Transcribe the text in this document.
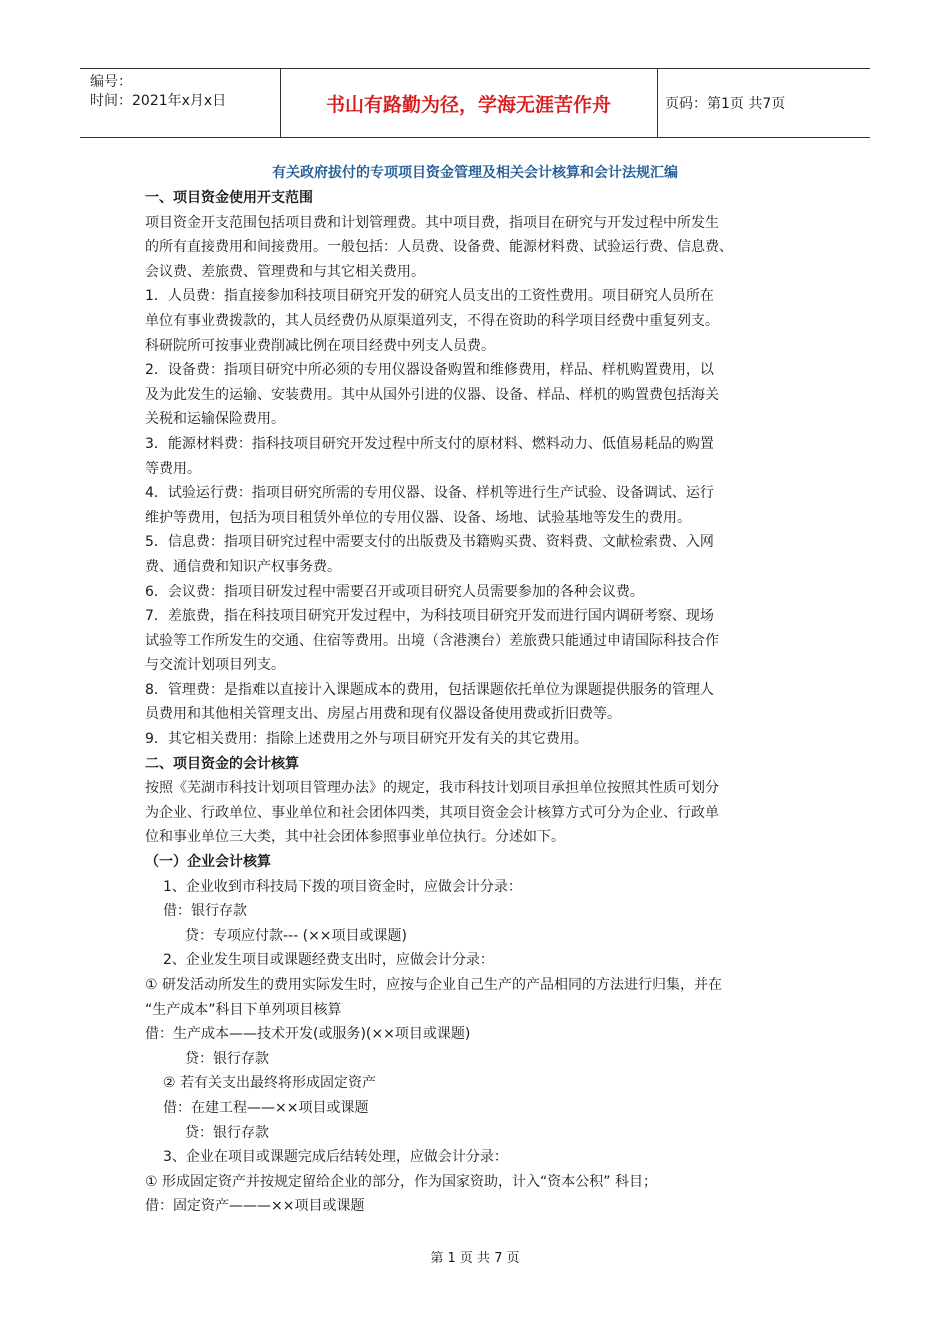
编号：
时间：2021年x月x日	书山有路勤为径，学海无涯苦作舟	页码：第1页 共7页
有关政府拔付的专项项目资金管理及相关会计核算和会计法规汇编

一、项目资金使用开支范围

项目资金开支范围包括项目费和计划管理费。其中项目费，指项目在研究与开发过程中所发生

的所有直接费用和间接费用。一般包括：人员费、设备费、能源材料费、试验运行费、信息费、

会议费、差旅费、管理费和与其它相关费用。

1．人员费：指直接参加科技项目研究开发的研究人员支出的工资性费用。项目研究人员所在

单位有事业费拨款的，其人员经费仍从原渠道列支，不得在资助的科学项目经费中重复列支。

科研院所可按事业费削减比例在项目经费中列支人员费。

2．设备费：指项目研究中所必须的专用仪器设备购置和维修费用，样品、样机购置费用，以

及为此发生的运输、安装费用。其中从国外引进的仪器、设备、样品、样机的购置费包括海关

关税和运输保险费用。

3．能源材料费：指科技项目研究开发过程中所支付的原材料、燃料动力、低值易耗品的购置

等费用。

4．试验运行费：指项目研究所需的专用仪器、设备、样机等进行生产试验、设备调试、运行

维护等费用，包括为项目租赁外单位的专用仪器、设备、场地、试验基地等发生的费用。

5．信息费：指项目研究过程中需要支付的出版费及书籍购买费、资料费、文献检索费、入网

费、通信费和知识产权事务费。

6．会议费：指项目研发过程中需要召开或项目研究人员需要参加的各种会议费。

7．差旅费，指在科技项目研究开发过程中，为科技项目研究开发而进行国内调研考察、现场

试验等工作所发生的交通、住宿等费用。出境（含港澳台）差旅费只能通过申请国际科技合作

与交流计划项目列支。

8．管理费：是指难以直接计入课题成本的费用，包括课题依托单位为课题提供服务的管理人

员费用和其他相关管理支出、房屋占用费和现有仪器设备使用费或折旧费等。

9．其它相关费用：指除上述费用之外与项目研究开发有关的其它费用。

二、项目资金的会计核算

按照《芜湖市科技计划项目管理办法》的规定，我市科技计划项目承担单位按照其性质可划分

为企业、行政单位、事业单位和社会团体四类，其项目资金会计核算方式可分为企业、行政单

位和事业单位三大类，其中社会团体参照事业单位执行。分述如下。

（一）企业会计核算

1、企业收到市科技局下拨的项目资金时，应做会计分录：

借：银行存款

贷：专项应付款--- (××项目或课题)

2、企业发生项目或课题经费支出时，应做会计分录：

① 研发活动所发生的费用实际发生时，应按与企业自己生产的产品相同的方法进行归集，并在

“生产成本”科目下单列项目核算

借：生产成本——技术开发(或服务)(××项目或课题)

贷：银行存款

② 若有关支出最终将形成固定资产

借：在建工程——××项目或课题

贷：银行存款

3、企业在项目或课题完成后结转处理，应做会计分录：

① 形成固定资产并按规定留给企业的部分，作为国家资助，计入“资本公积” 科目；

借：固定资产———××项目或课题

第 1 页 共 7 页
